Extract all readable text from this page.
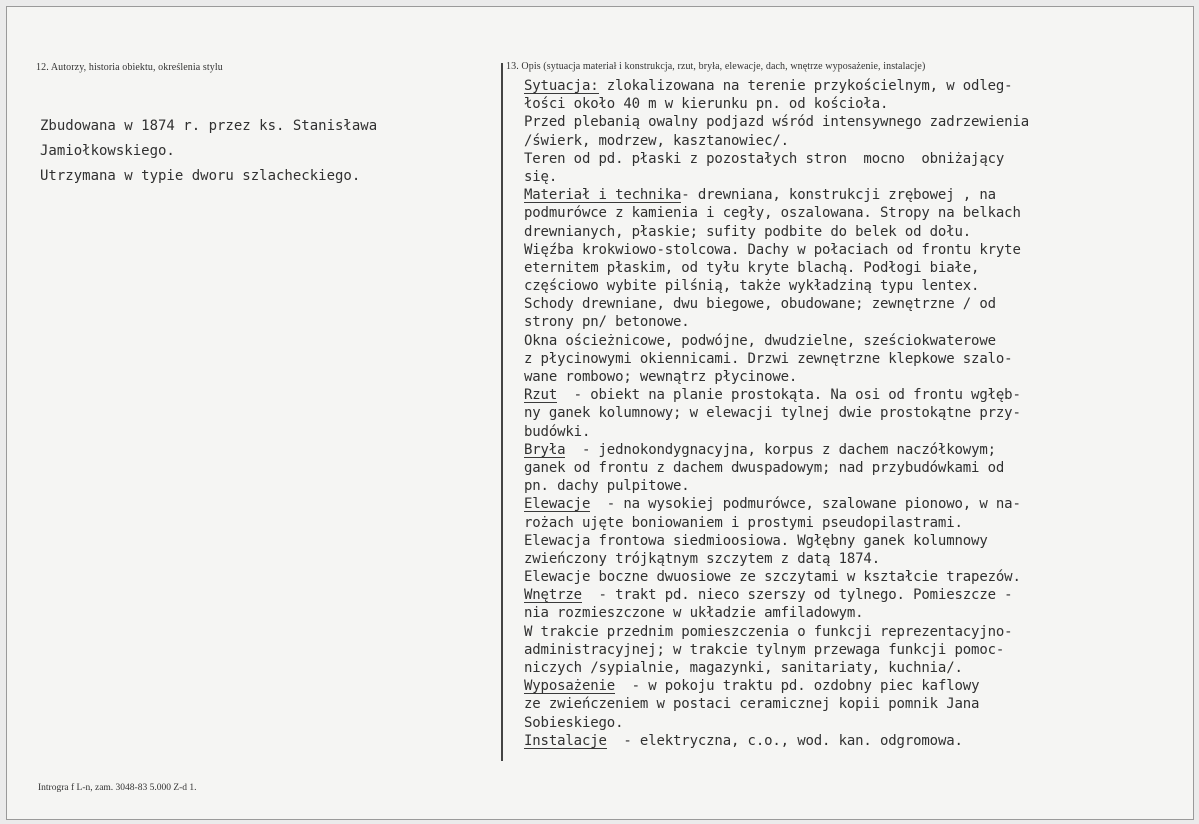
12. Autorzy, historia obiektu, określenia stylu	13. Opis (sytuacja materiał i konstrukcja, rzut, bryła, elewacje, dach, wnętrze wyposażenie, instalacje)
Zbudowana w 1874 r. przez ks. Stanisława
Jamiołkowskiego.
Utrzymana w typie dworu szlacheckiego.
Sytuacja: zlokalizowana na terenie przykościelnym, w odleg-
łości około 40 m w kierunku pn. od kościoła.
Przed plebanią owalny podjazd wśród intensywnego zadrzewienia
/świerk, modrzew, kasztanowiec/.
Teren od pd. płaski z pozostałych stron  mocno  obniżający
się.
Materiał i technika- drewniana, konstrukcji zrębowej , na
podmurówce z kamienia i cegły, oszalowana. Stropy na belkach
drewnianych, płaskie; sufity podbite do belek od dołu.
Więźba krokwiowo-stolcowa. Dachy w połaciach od frontu kryte
eternitem płaskim, od tyłu kryte blachą. Podłogi białe,
częściowo wybite pilśnią, także wykładziną typu lentex.
Schody drewniane, dwu biegowe, obudowane; zewnętrzne / od
strony pn/ betonowe.
Okna ościeżnicowe, podwójne, dwudzielne, sześciokwaterowe
z płycinowymi okiennicami. Drzwi zewnętrzne klepkowe szalo-
wane rombowo; wewnątrz płycinowe.
Rzut  - obiekt na planie prostokąta. Na osi od frontu wgłęb-
ny ganek kolumnowy; w elewacji tylnej dwie prostokątne przy-
budówki.
Bryła  - jednokondygnacyjna, korpus z dachem naczółkowym;
ganek od frontu z dachem dwuspadowym; nad przybudówkami od
pn. dachy pulpitowe.
Elewacje  - na wysokiej podmurówce, szalowane pionowo, w na-
rożach ujęte boniowaniem i prostymi pseudopilastrami.
Elewacja frontowa siedmioosiowa. Wgłębny ganek kolumnowy
zwieńczony trójkątnym szczytem z datą 1874.
Elewacje boczne dwuosiowe ze szczytami w kształcie trapezów.
Wnętrze  - trakt pd. nieco szerszy od tylnego. Pomieszcze -
nia rozmieszczone w układzie amfiladowym.
W trakcie przednim pomieszczenia o funkcji reprezentacyjno-
administracyjnej; w trakcie tylnym przewaga funkcji pomoc-
niczych /sypialnie, magazynki, sanitariaty, kuchnia/.
Wyposażenie  - w pokoju traktu pd. ozdobny piec kaflowy
ze zwieńczeniem w postaci ceramicznej kopii pomnik Jana
Sobieskiego.
Instalacje  - elektryczna, c.o., wod. kan. odgromowa.
Introgra f L-n, zam. 3048-83 5.000 Z-d 1.
